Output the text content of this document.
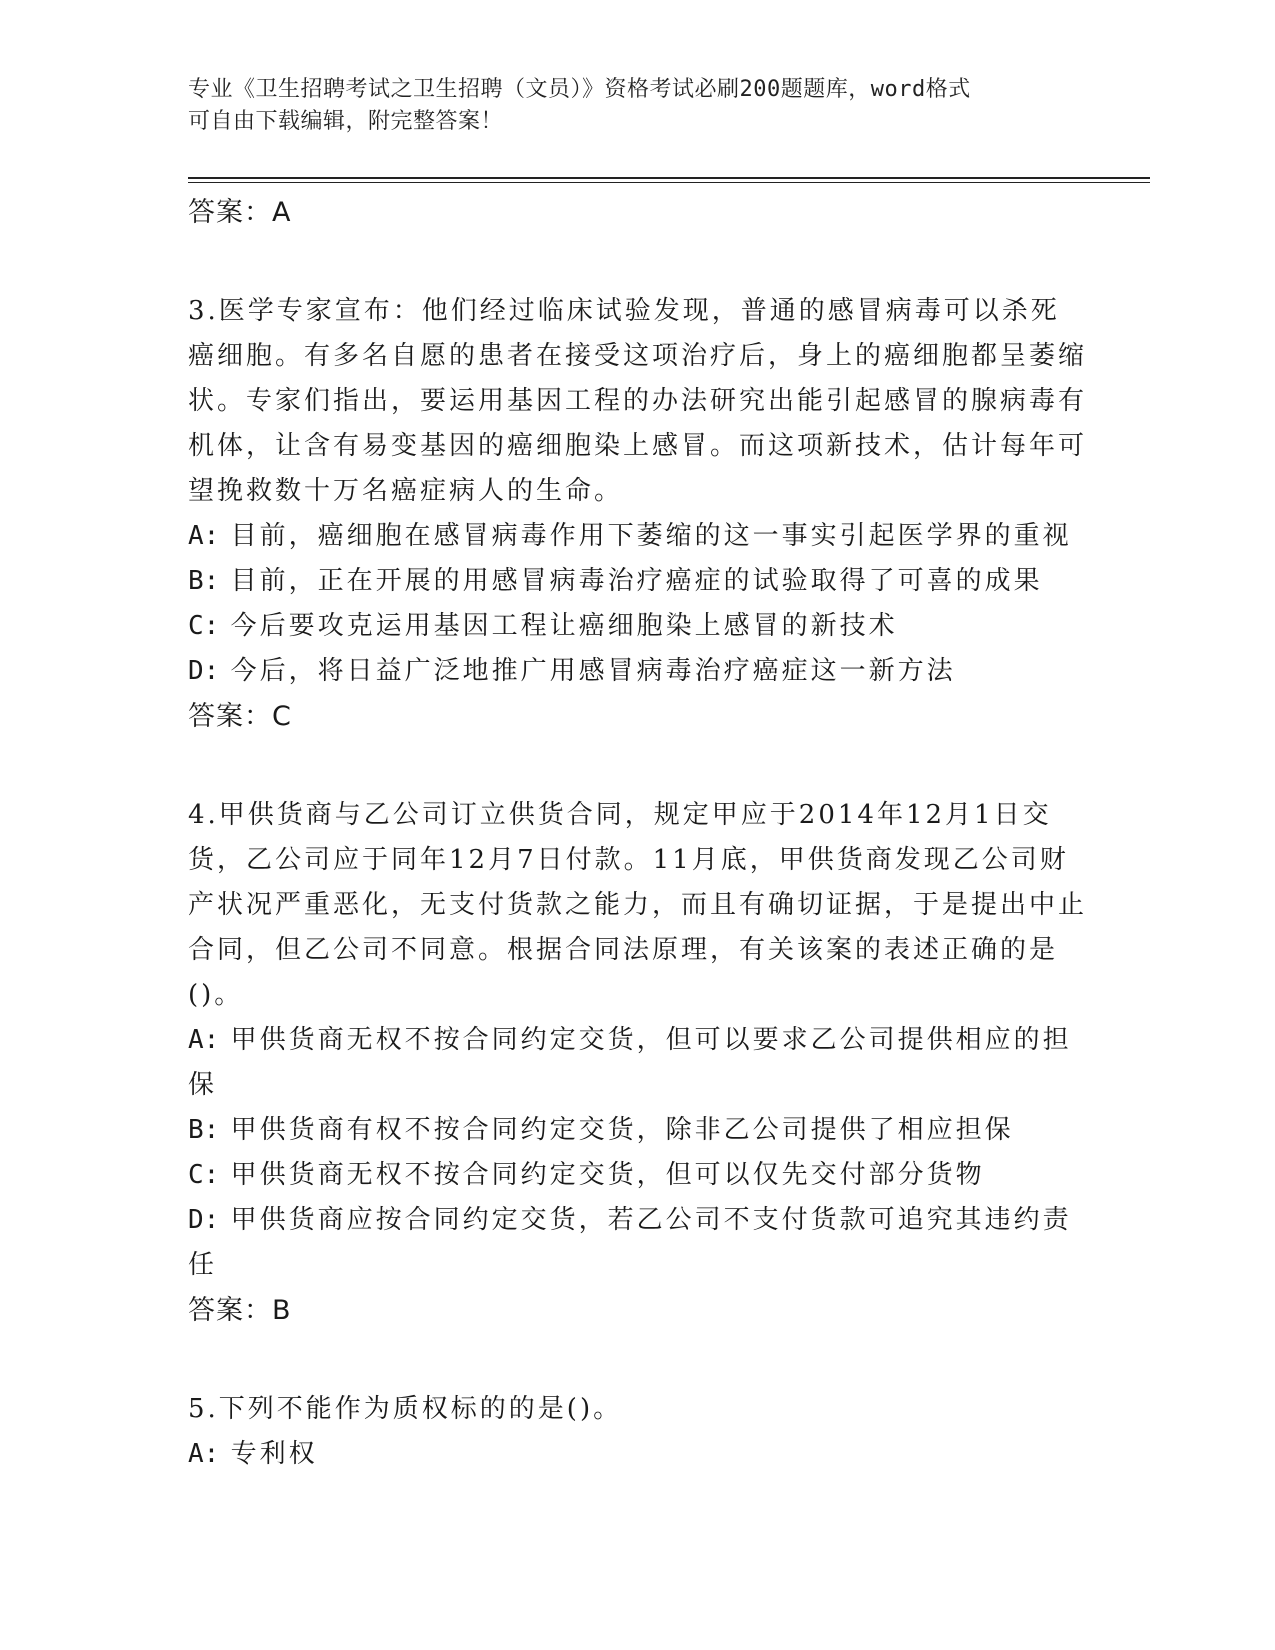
专业《卫生招聘考试之卫生招聘（文员）》资格考试必刷200题题库，word格式
可自由下载编辑，附完整答案！

答案：A

3.医学专家宣布：他们经过临床试验发现，普通的感冒病毒可以杀死癌细胞。有多名自愿的患者在接受这项治疗后，身上的癌细胞都呈萎缩状。专家们指出，要运用基因工程的办法研究出能引起感冒的腺病毒有机体，让含有易变基因的癌细胞染上感冒。而这项新技术，估计每年可望挽救数十万名癌症病人的生命。

A: 目前，癌细胞在感冒病毒作用下萎缩的这一事实引起医学界的重视

B: 目前，正在开展的用感冒病毒治疗癌症的试验取得了可喜的成果

C: 今后要攻克运用基因工程让癌细胞染上感冒的新技术

D: 今后，将日益广泛地推广用感冒病毒治疗癌症这一新方法

答案：C

4.甲供货商与乙公司订立供货合同，规定甲应于2014年12月1日交货，乙公司应于同年12月7日付款。11月底，甲供货商发现乙公司财产状况严重恶化，无支付货款之能力，而且有确切证据，于是提出中止合同，但乙公司不同意。根据合同法原理，有关该案的表述正确的是()。

A: 甲供货商无权不按合同约定交货，但可以要求乙公司提供相应的担保

B: 甲供货商有权不按合同约定交货，除非乙公司提供了相应担保

C: 甲供货商无权不按合同约定交货，但可以仅先交付部分货物

D: 甲供货商应按合同约定交货，若乙公司不支付货款可追究其违约责任

答案：B

5.下列不能作为质权标的的是()。

A: 专利权
